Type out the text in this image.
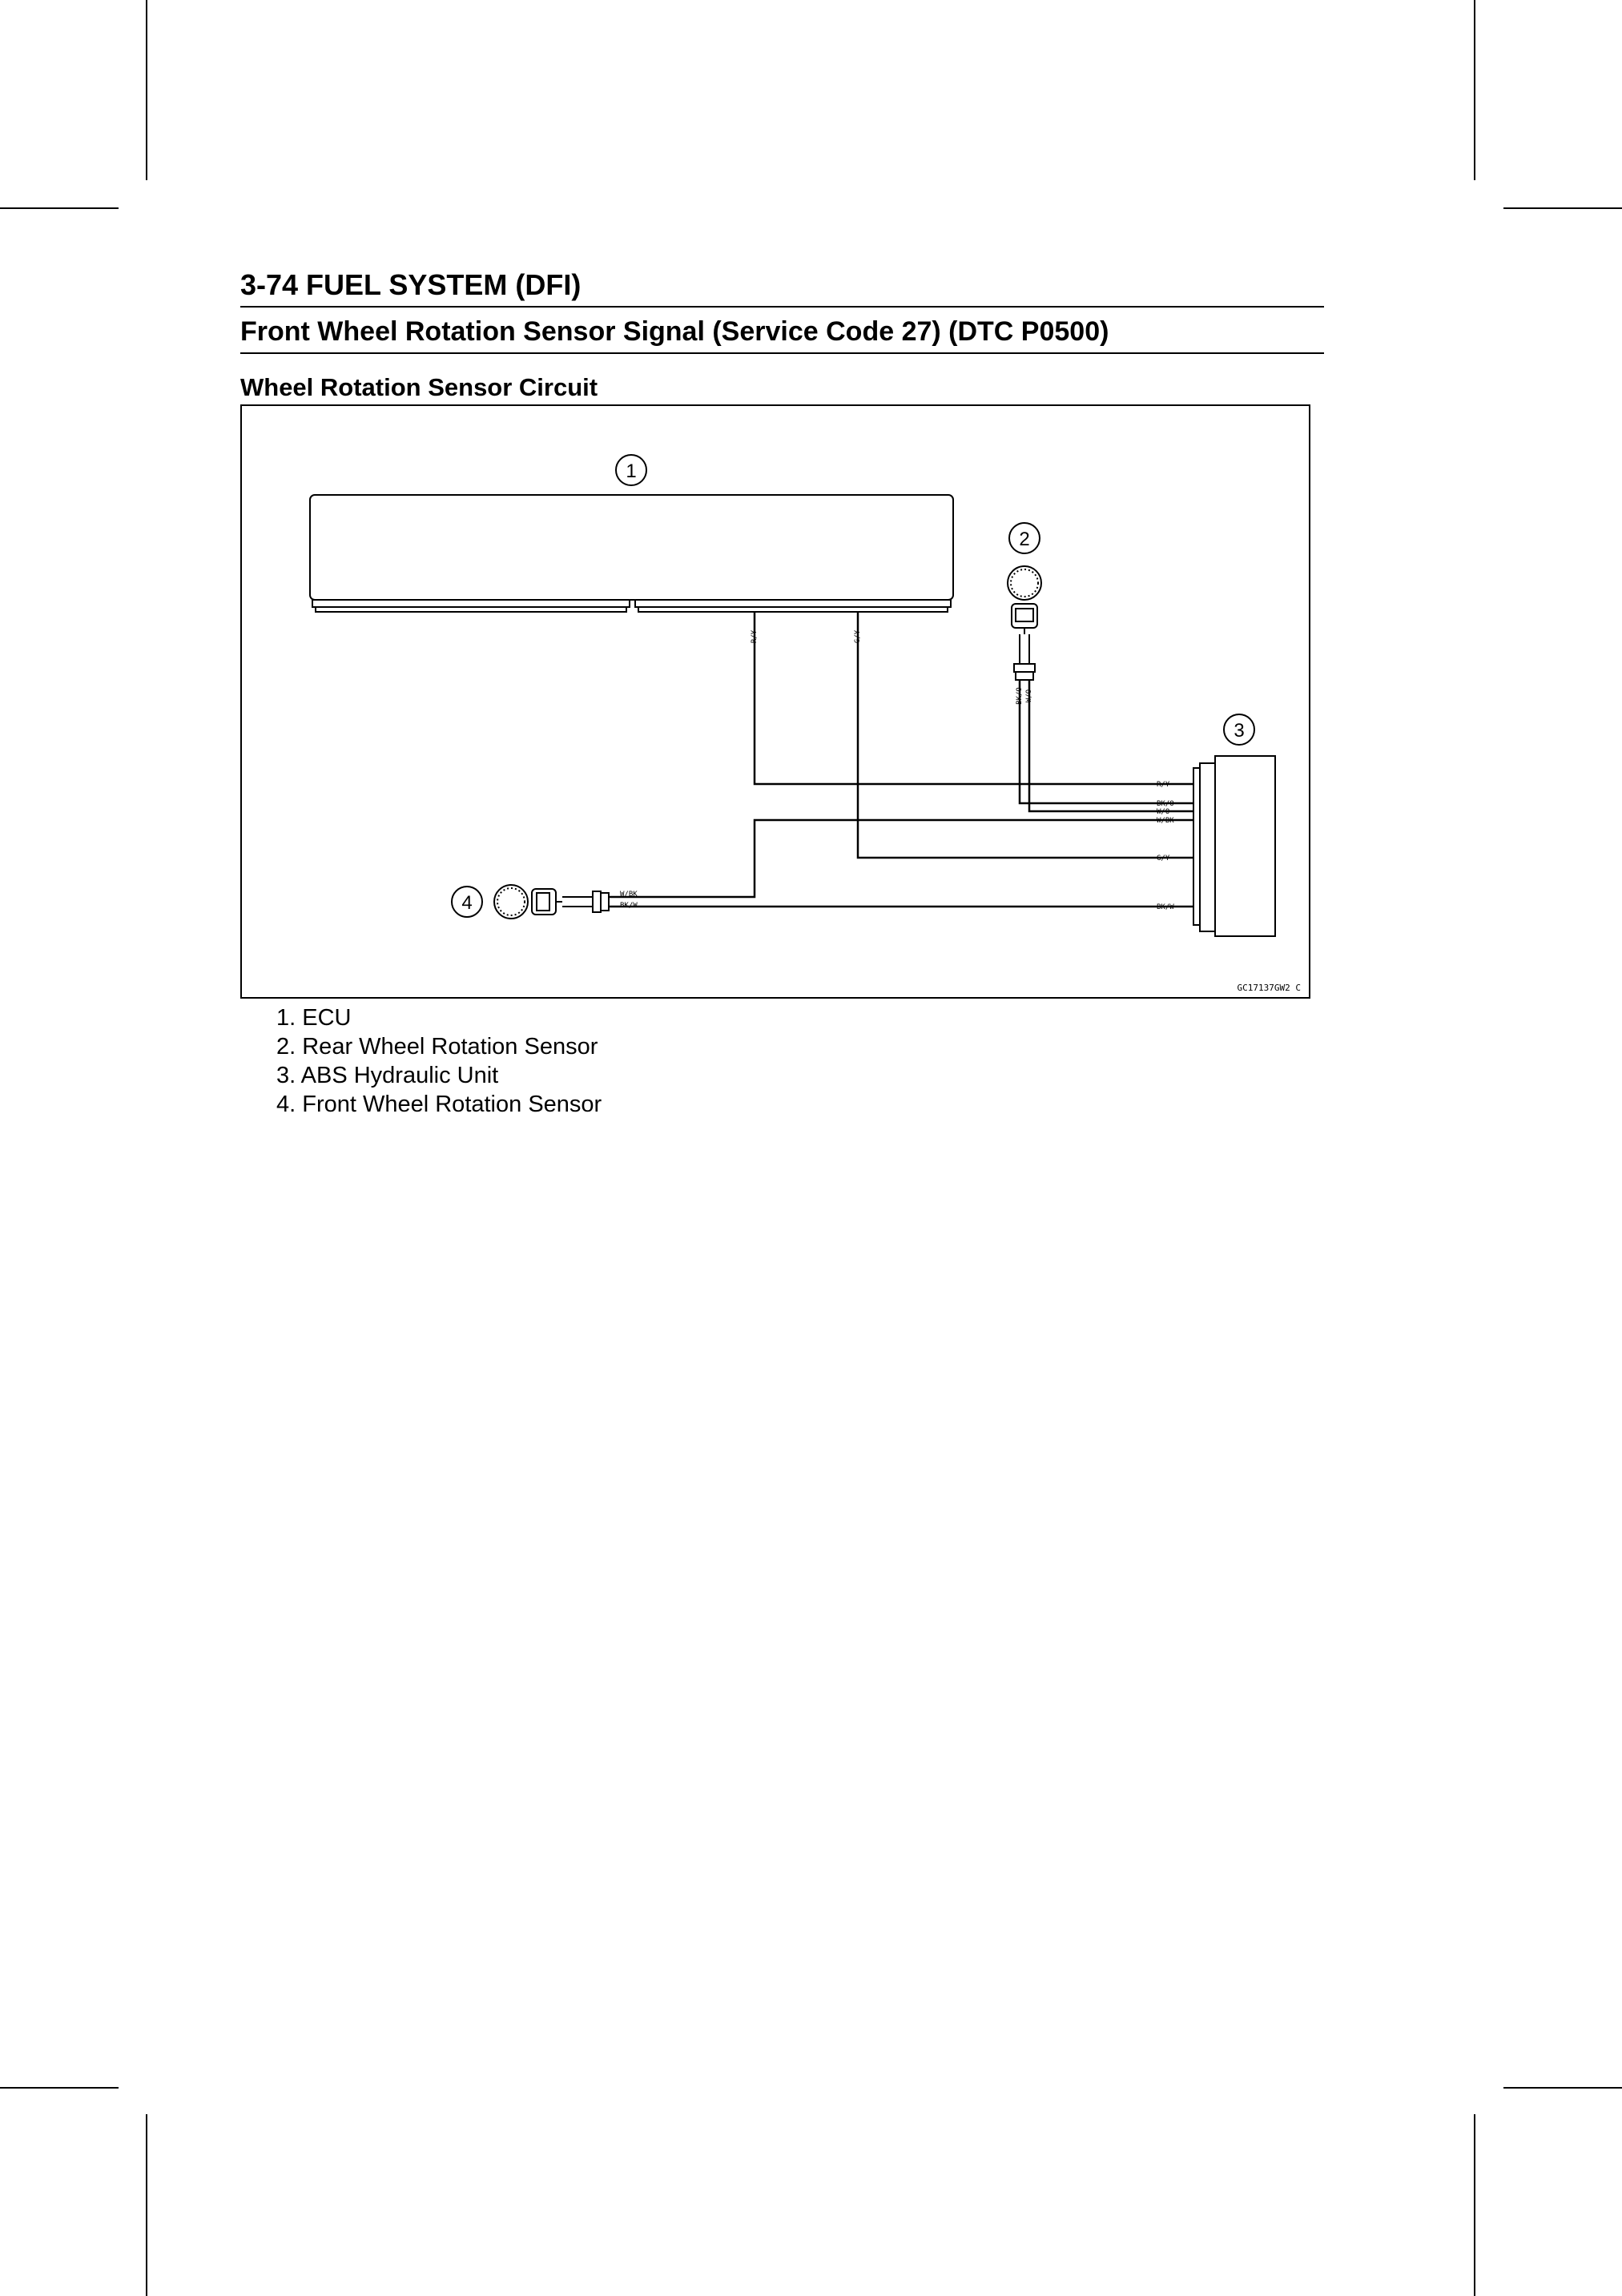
3-74 FUEL SYSTEM (DFI)
Front Wheel Rotation Sensor Signal (Service Code 27) (DTC P0500)
Wheel Rotation Sensor Circuit
1
2
3
4
R/Y	G/Y
BK/O W/O
R/Y
BK/O
W/O
W/BK
G/Y
BK/W
W/BK
BK/W
GC17137GW2 C
1. ECU
2. Rear Wheel Rotation Sensor
3. ABS Hydraulic Unit
4. Front Wheel Rotation Sensor
